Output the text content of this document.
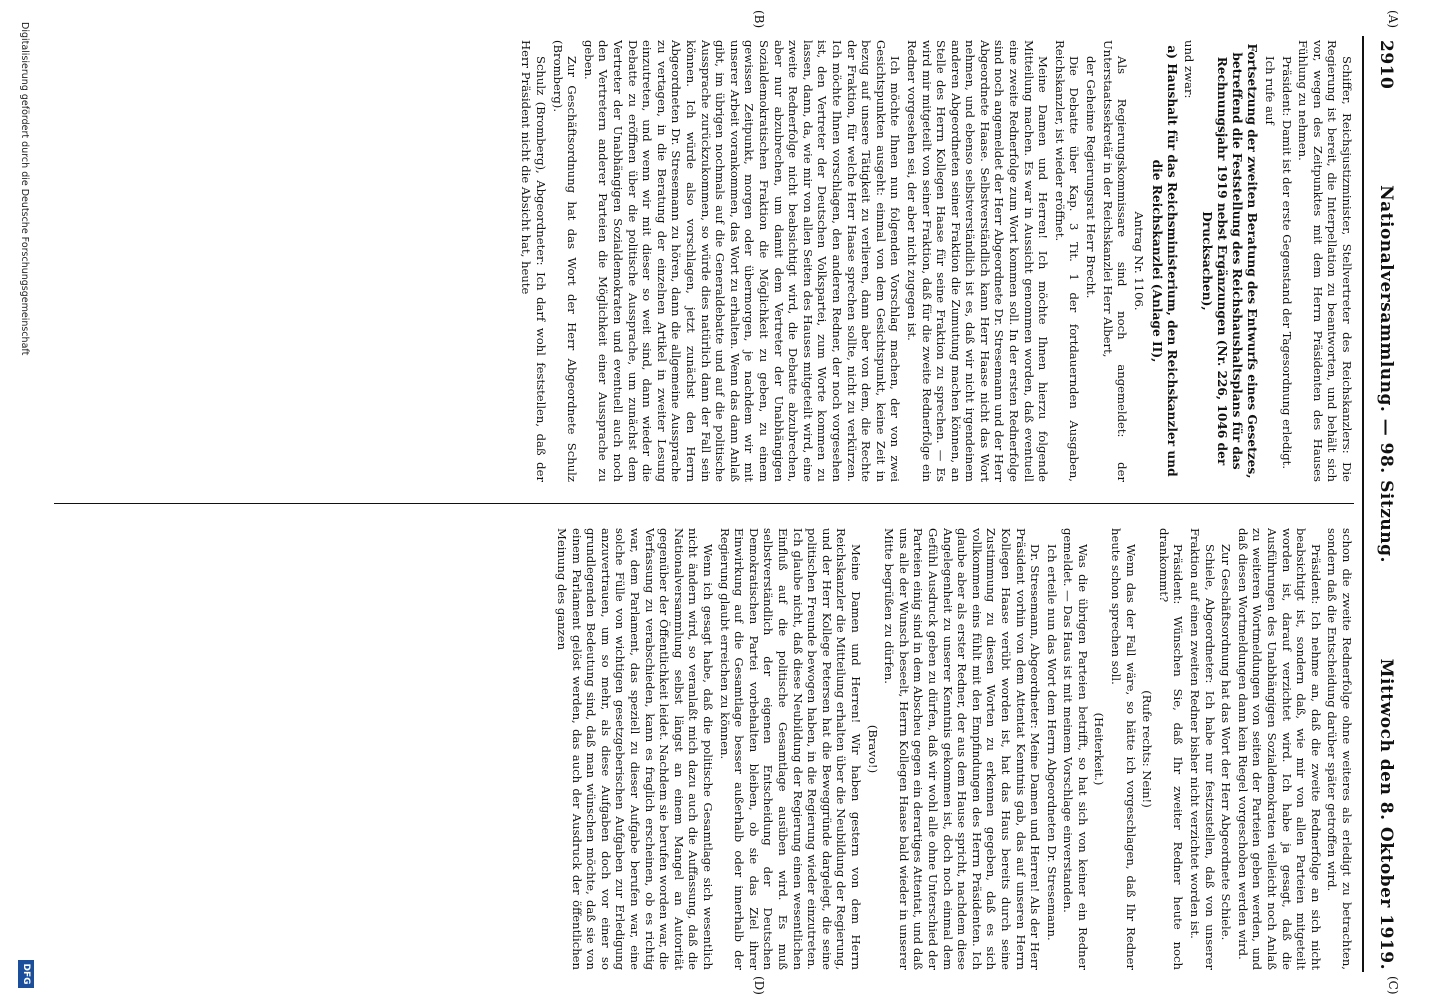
(A)
(B)
(C)
(D)
2910
Nationalversammlung. — 98. Sitzung.
Mittwoch den 8. Oktober 1919.

Schiffer, Reichsjustizminister, Stellvertreter des Reichskanzlers: Die Regierung ist bereit, die Interpellation zu beantworten, und behält sich vor, wegen des Zeitpunktes mit dem Herrn Präsidenten des Hauses Fühlung zu nehmen.

Präsident: Damit ist der erste Gegenstand der Tagesordnung erledigt.

Ich rufe auf

Fortsetzung der zweiten Beratung des Entwurfs eines Gesetzes, betreffend die Feststellung des Reichshaushaltsplans für das Rechnungsjahr 1919 nebst Ergänzungen (Nr. 226, 1046 der Drucksachen),

und zwar:

a) Haushalt für das Reichsministerium, den Reichskanzler und die Reichskanzlei (Anlage II),

Antrag Nr. 1106.

Als Regierungskommissare sind noch angemeldet: der Unterstaatssekretär in der Reichskanzlei Herr Albert,

der Geheime Regierungsrat Herr Brecht.

Die Debatte über Kap. 3 Tit. 1 der fortdauernden Ausgaben, Reichskanzler, ist wieder eröffnet.

Meine Damen und Herren! Ich möchte Ihnen hierzu folgende Mitteilung machen. Es war in Aussicht genommen worden, daß eventuell eine zweite Rednerfolge zum Wort kommen soll. In der ersten Rednerfolge sind noch angemeldet der Herr Abgeordnete Dr. Stresemann und der Herr Abgeordnete Haase. Selbstverständlich kann Herr Haase nicht das Wort nehmen, und ebenso selbstverständlich ist es, daß wir nicht irgendeinem anderen Abgeordneten seiner Fraktion die Zumutung machen können, an Stelle des Herrn Kollegen Haase für seine Fraktion zu sprechen. — Es wird mir mitgeteilt von seiner Fraktion, daß für die zweite Rednerfolge ein Redner vorgesehen sei, der aber nicht zugegen ist.

Ich möchte Ihnen nun folgenden Vorschlag machen, der von zwei Gesichtspunkten ausgeht: einmal von dem Gesichtspunkt, keine Zeit in bezug auf unsere Tätigkeit zu verlieren, dann aber von dem, die Rechte der Fraktion, für welche Herr Haase sprechen sollte, nicht zu verkürzen. Ich möchte Ihnen vorschlagen, den anderen Redner, der noch vorgesehen ist, den Vertreter der Deutschen Volkspartei, zum Worte kommen zu lassen, dann, da, wie mir von allen Seiten des Hauses mitgeteilt wird, eine zweite Rednerfolge nicht beabsichtigt wird, die Debatte abzubrechen, aber nur abzubrechen, um damit dem Vertreter der Unabhängigen Sozialdemokratischen Fraktion die Möglichkeit zu geben, zu einem gewissen Zeitpunkt, morgen oder übermorgen, je nachdem wir mit unserer Arbeit vorankommen, das Wort zu erhalten. Wenn das dann Anlaß gibt, im übrigen nochmals auf die Generaldebatte und auf die politische Aussprache zurückzukommen, so würde dies natürlich dann der Fall sein können. Ich würde also vorschlagen, jetzt zunächst den Herrn Abgeordneten Dr. Stresemann zu hören, dann die allgemeine Aussprache zu vertagen, in die Beratung der einzelnen Artikel in zweiter Lesung einzutreten, und wenn wir mit dieser so weit sind, dann wieder die Debatte zu eröffnen über die politische Aussprache, um zunächst dem Vertreter der Unabhängigen Sozialdemokraten und eventuell auch noch den Vertretern anderer Parteien die Möglichkeit einer Aussprache zu geben.

Zur Geschäftsordnung hat das Wort der Herr Abgeordnete Schulz (Bromberg).

Schulz (Bromberg), Abgeordneter: Ich darf wohl feststellen, daß der Herr Präsident nicht die Absicht hat, heute

schon die zweite Rednerfolge ohne weiteres als erledigt zu betrachten, sondern daß die Entscheidung darüber später getroffen wird.

Präsident: Ich nehme an, daß die zweite Rednerfolge an sich nicht beabsichtigt ist, sondern daß, wie mir von allen Parteien mitgeteilt worden ist, darauf verzichtet wird. Ich habe ja gesagt, daß die Ausführungen des Unabhängigen Sozialdemokraten vielleicht noch Anlaß zu weiteren Wortmeldungen von seiten der Parteien geben werden, und daß diesen Wortmeldungen dann kein Riegel vorgeschoben werden wird.

Zur Geschäftsordnung hat das Wort der Herr Abgeordnete Schiele.

Schiele, Abgeordneter: Ich habe nur festzustellen, daß von unserer Fraktion auf einen zweiten Redner bisher nicht verzichtet worden ist.

Präsident: Wünschen Sie, daß Ihr zweiter Redner heute noch drankommt?

(Rufe rechts: Nein!)

Wenn das der Fall wäre, so hätte ich vorgeschlagen, daß Ihr Redner heute schon sprechen soll.

(Heiterkeit.)

Was die übrigen Parteien betrifft, so hat sich von keiner ein Redner gemeldet. — Das Haus ist mit meinem Vorschlage einverstanden.

Ich erteile nun das Wort dem Herrn Abgeordneten Dr. Stresemann.

Dr. Stresemann, Abgeordneter: Meine Damen und Herren! Als der Herr Präsident vorhin von dem Attentat Kenntnis gab, das auf unseren Herrn Kollegen Haase verübt worden ist, hat das Haus bereits durch seine Zustimmung zu diesen Worten zu erkennen gegeben, daß es sich vollkommen eins fühlt mit den Empfindungen des Herrn Präsidenten. Ich glaube aber als erster Redner, der aus dem Hause spricht, nachdem diese Angelegenheit zu unserer Kenntnis gekommen ist, doch noch einmal dem Gefühl Ausdruck geben zu dürfen, daß wir wohl alle ohne Unterschied der Parteien einig sind in dem Abscheu gegen ein derartiges Attentat, und daß uns alle der Wunsch beseelt, Herrn Kollegen Haase bald wieder in unserer Mitte begrüßen zu dürfen.

(Bravo!)

Meine Damen und Herren! Wir haben gestern von dem Herrn Reichskanzler die Mitteilung erhalten über die Neubildung der Regierung, und der Herr Kollege Petersen hat die Beweggründe dargelegt, die seine politischen Freunde bewogen haben, in die Regierung wieder einzutreten. Ich glaube nicht, daß diese Neubildung der Regierung einen wesentlichen Einfluß auf die politische Gesamtlage ausüben wird. Es muß selbstverständlich der eigenen Entscheidung der Deutschen Demokratischen Partei vorbehalten bleiben, ob sie das Ziel ihrer Einwirkung auf die Gesamtlage besser außerhalb oder innerhalb der Regierung glaubt erreichen zu können.

Wenn ich gesagt habe, daß die politische Gesamtlage sich wesentlich nicht ändern wird, so veranlaßt mich dazu auch die Auffassung, daß die Nationalversammlung selbst längst an einem Mangel an Autorität gegenüber der Öffentlichkeit leidet. Nachdem sie berufen worden war, die Verfassung zu verabschieden, kann es fraglich erscheinen, ob es richtig war, dem Parlament, das speziell zu dieser Aufgabe berufen war, eine solche Fülle von wichtigen gesetzgeberischen Aufgaben zur Erledigung anzuvertrauen, um so mehr, als diese Aufgaben doch vor einer so grundlegenden Bedeutung sind, daß man wünschen möchte, daß sie von einem Parlament gelöst werden, das auch der Ausdruck der öffentlichen Meinung des ganzen

Digitalisierung gefördert durch die Deutsche Forschungsgemeinschaft
DFG
